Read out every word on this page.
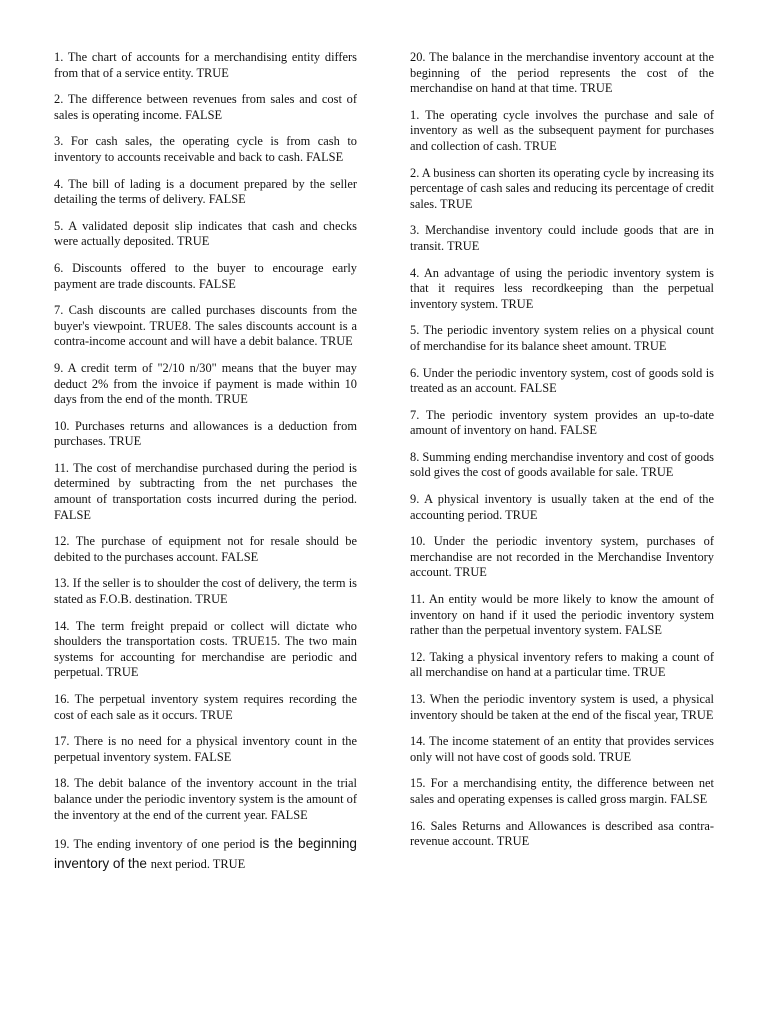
1. The chart of accounts for a merchandising entity differs from that of a service entity. TRUE

2. The difference between revenues from sales and cost of sales is operating income. FALSE

3. For cash sales, the operating cycle is from cash to inventory to accounts receivable and back to cash. FALSE

4. The bill of lading is a document prepared by the seller detailing the terms of delivery. FALSE

5. A validated deposit slip indicates that cash and checks were actually deposited. TRUE

6. Discounts offered to the buyer to encourage early payment are trade discounts. FALSE

7. Cash discounts are called purchases discounts from the buyer's viewpoint. TRUE8. The sales discounts account is a contra-income account and will have a debit balance. TRUE

9. A credit term of "2/10 n/30" means that the buyer may deduct 2% from the invoice if payment is made within 10 days from the end of the month. TRUE

10. Purchases returns and allowances is a deduction from purchases. TRUE

11. The cost of merchandise purchased during the period is determined by subtracting from the net purchases the amount of transportation costs incurred during the period. FALSE

12. The purchase of equipment not for resale should be debited to the purchases account. FALSE

13. If the seller is to shoulder the cost of delivery, the term is stated as F.O.B. destination. TRUE

14. The term freight prepaid or collect will dictate who shoulders the transportation costs. TRUE15. The two main systems for accounting for merchandise are periodic and perpetual. TRUE

16. The perpetual inventory system requires recording the cost of each sale as it occurs. TRUE

17. There is no need for a physical inventory count in the perpetual inventory system. FALSE

18. The debit balance of the inventory account in the trial balance under the periodic inventory system is the amount of the inventory at the end of the current year. FALSE

19. The ending inventory of one period is the beginning inventory of the next period. TRUE

20. The balance in the merchandise inventory account at the beginning of the period represents the cost of the merchandise on hand at that time. TRUE

1. The operating cycle involves the purchase and sale of inventory as well as the subsequent payment for purchases and collection of cash. TRUE

2. A business can shorten its operating cycle by increasing its percentage of cash sales and reducing its percentage of credit sales. TRUE

3. Merchandise inventory could include goods that are in transit. TRUE

4. An advantage of using the periodic inventory system is that it requires less recordkeeping than the perpetual inventory system. TRUE

5. The periodic inventory system relies on a physical count of merchandise for its balance sheet amount. TRUE

6. Under the periodic inventory system, cost of goods sold is treated as an account. FALSE

7. The periodic inventory system provides an up-to-date amount of inventory on hand. FALSE

8. Summing ending merchandise inventory and cost of goods sold gives the cost of goods available for sale. TRUE

9. A physical inventory is usually taken at the end of the accounting period. TRUE

10. Under the periodic inventory system, purchases of merchandise are not recorded in the Merchandise Inventory account. TRUE

11. An entity would be more likely to know the amount of inventory on hand if it used the periodic inventory system rather than the perpetual inventory system. FALSE

12. Taking a physical inventory refers to making a count of all merchandise on hand at a particular time. TRUE

13. When the periodic inventory system is used, a physical inventory should be taken at the end of the fiscal year, TRUE

14. The income statement of an entity that provides services only will not have cost of goods sold. TRUE

15. For a merchandising entity, the difference between net sales and operating expenses is called gross margin. FALSE

16. Sales Returns and Allowances is described asa contra-revenue account. TRUE
